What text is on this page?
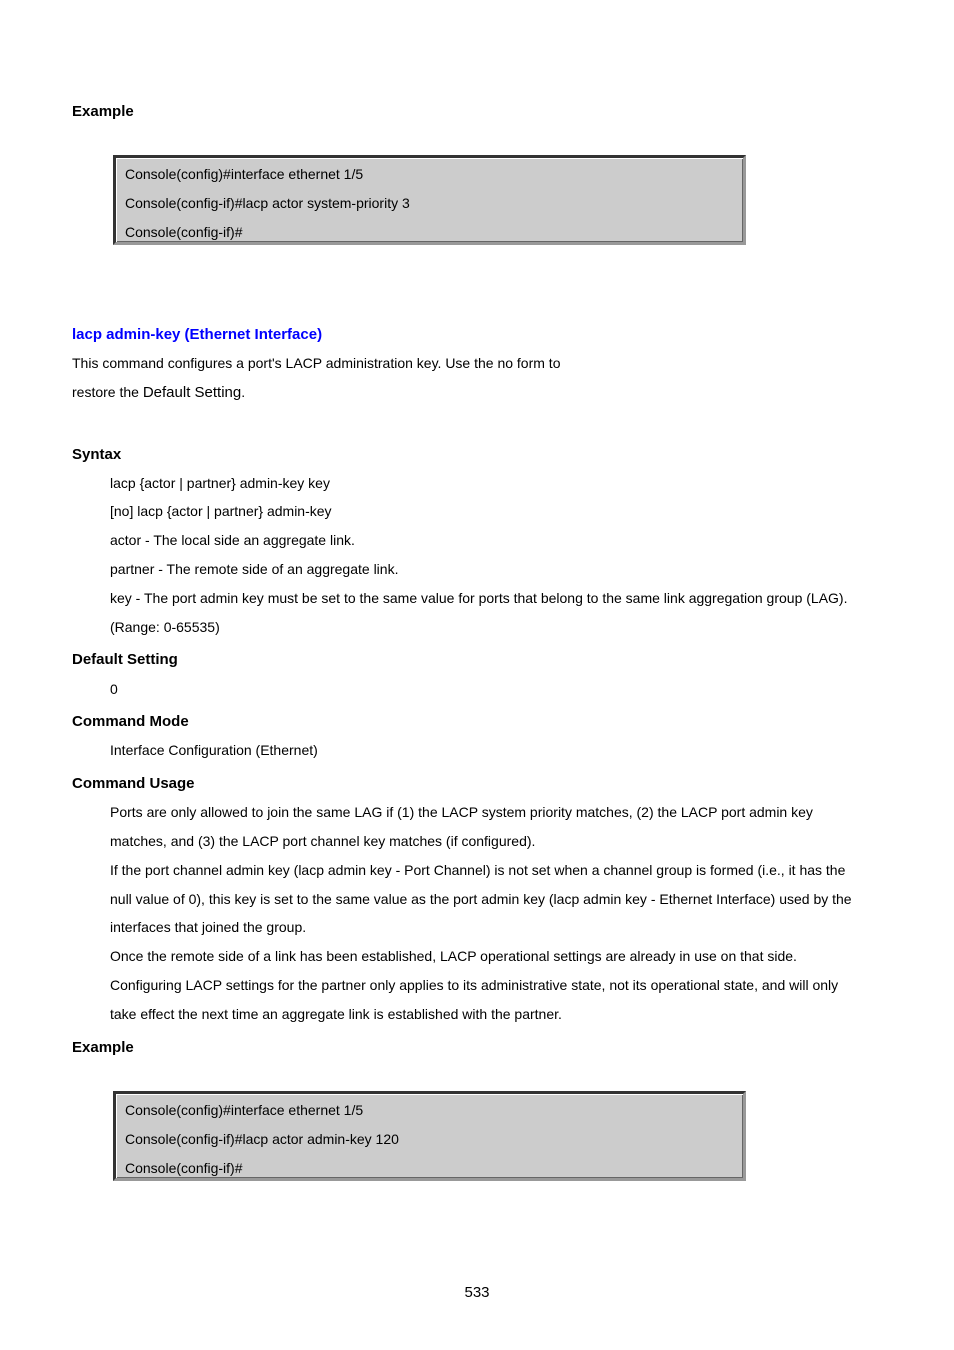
Example
Console(config)#interface ethernet 1/5
Console(config-if)#lacp actor system-priority 3
Console(config-if)#
lacp admin-key (Ethernet Interface)
This command configures a port's LACP administration key. Use the no form to
restore the Default Setting.
Syntax
lacp {actor | partner} admin-key key
[no] lacp {actor | partner} admin-key
actor - The local side an aggregate link.
partner - The remote side of an aggregate link.
key - The port admin key must be set to the same value for ports that belong to the same link aggregation group (LAG).
(Range: 0-65535)
Default Setting
0
Command Mode
Interface Configuration (Ethernet)
Command Usage
Ports are only allowed to join the same LAG if (1) the LACP system priority matches, (2) the LACP port admin key
matches, and (3) the LACP port channel key matches (if configured).
If the port channel admin key (lacp admin key - Port Channel) is not set when a channel group is formed (i.e., it has the
null value of 0), this key is set to the same value as the port admin key (lacp admin key - Ethernet Interface) used by the
interfaces that joined the group.
Once the remote side of a link has been established, LACP operational settings are already in use on that side.
Configuring LACP settings for the partner only applies to its administrative state, not its operational state, and will only
take effect the next time an aggregate link is established with the partner.
Example
Console(config)#interface ethernet 1/5
Console(config-if)#lacp actor admin-key 120
Console(config-if)#
533
